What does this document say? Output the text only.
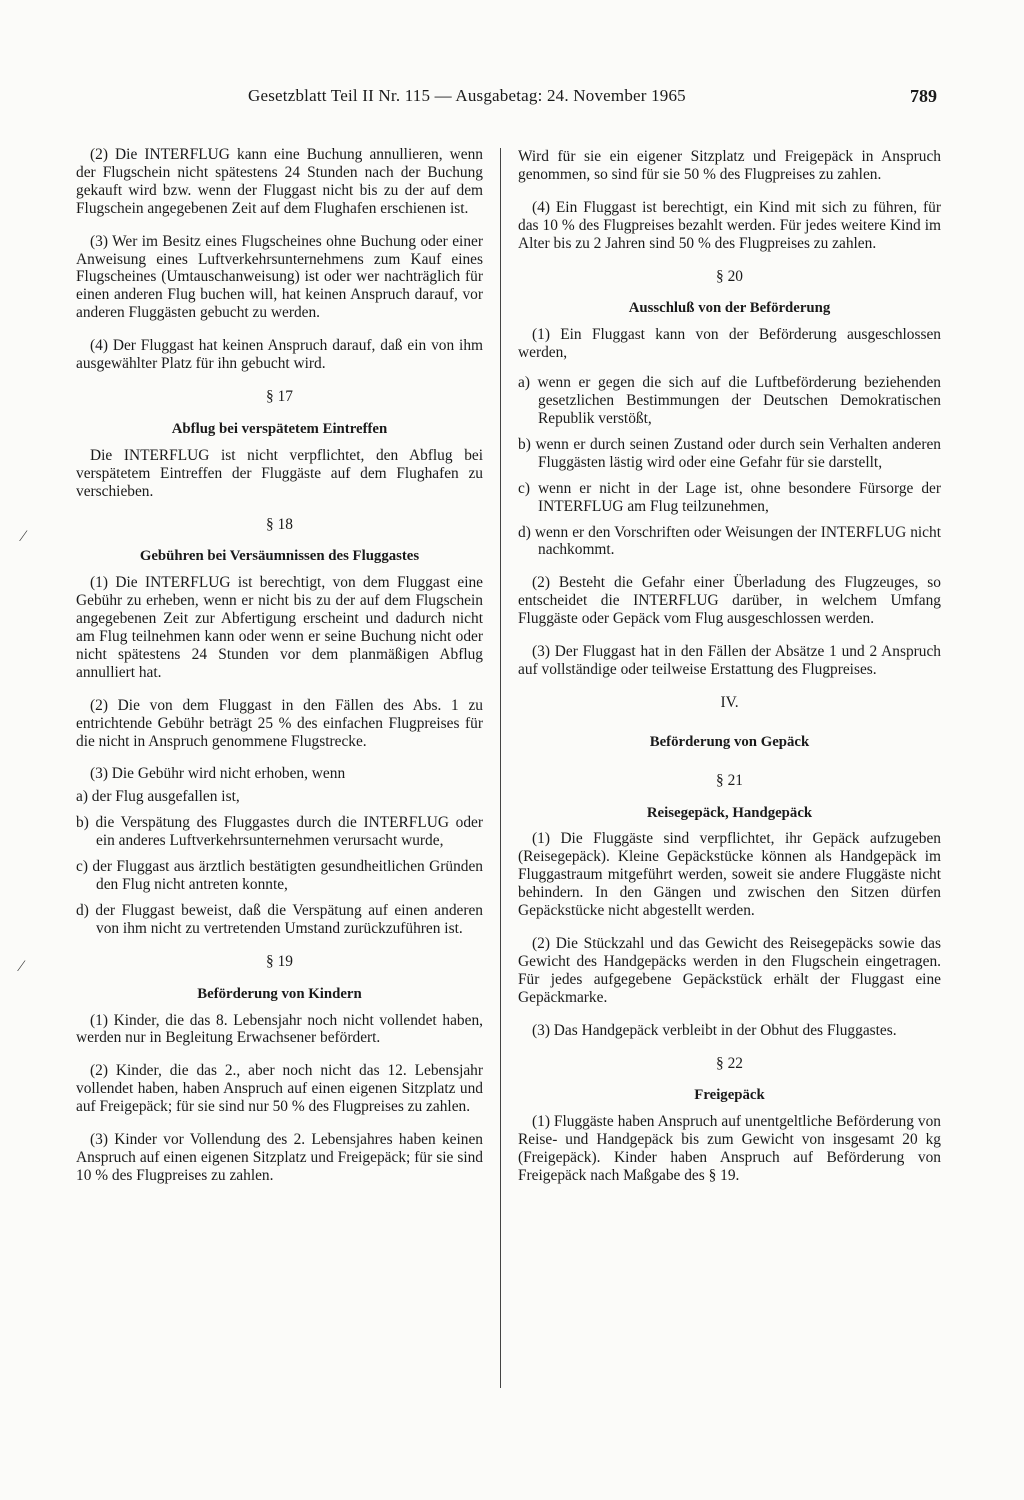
Gesetzblatt Teil II Nr. 115 — Ausgabetag: 24. November 1965	789
⁄
⁄

(2) Die INTERFLUG kann eine Buchung annullieren, wenn der Flugschein nicht spätestens 24 Stunden nach der Buchung gekauft wird bzw. wenn der Fluggast nicht bis zu der auf dem Flugschein angegebenen Zeit auf dem Flughafen erschienen ist.

(3) Wer im Besitz eines Flugscheines ohne Buchung oder einer Anweisung eines Luftverkehrsunternehmens zum Kauf eines Flugscheines (Umtauschanweisung) ist oder wer nachträglich für einen anderen Flug buchen will, hat keinen Anspruch darauf, vor anderen Fluggästen gebucht zu werden.

(4) Der Fluggast hat keinen Anspruch darauf, daß ein von ihm ausgewählter Platz für ihn gebucht wird.

§ 17

Abflug bei verspätetem Eintreffen

Die INTERFLUG ist nicht verpflichtet, den Abflug bei verspätetem Eintreffen der Fluggäste auf dem Flughafen zu verschieben.

§ 18

Gebühren bei Versäumnissen des Fluggastes

(1) Die INTERFLUG ist berechtigt, von dem Fluggast eine Gebühr zu erheben, wenn er nicht bis zu der auf dem Flugschein angegebenen Zeit zur Abfertigung erscheint und dadurch nicht am Flug teilnehmen kann oder wenn er seine Buchung nicht oder nicht spätestens 24 Stunden vor dem planmäßigen Abflug annulliert hat.

(2) Die von dem Fluggast in den Fällen des Abs. 1 zu entrichtende Gebühr beträgt 25 % des einfachen Flugpreises für die nicht in Anspruch genommene Flugstrecke.

(3) Die Gebühr wird nicht erhoben, wenn

a) der Flug ausgefallen ist,

b) die Verspätung des Fluggastes durch die INTERFLUG oder ein anderes Luftverkehrsunternehmen verursacht wurde,

c) der Fluggast aus ärztlich bestätigten gesundheitlichen Gründen den Flug nicht antreten konnte,

d) der Fluggast beweist, daß die Verspätung auf einen anderen von ihm nicht zu vertretenden Umstand zurückzuführen ist.

§ 19

Beförderung von Kindern

(1) Kinder, die das 8. Lebensjahr noch nicht vollendet haben, werden nur in Begleitung Erwachsener befördert.

(2) Kinder, die das 2., aber noch nicht das 12. Lebensjahr vollendet haben, haben Anspruch auf einen eigenen Sitzplatz und auf Freigepäck; für sie sind nur 50 % des Flugpreises zu zahlen.

(3) Kinder vor Vollendung des 2. Lebensjahres haben keinen Anspruch auf einen eigenen Sitzplatz und Freigepäck; für sie sind 10 % des Flugpreises zu zahlen.

Wird für sie ein eigener Sitzplatz und Freigepäck in Anspruch genommen, so sind für sie 50 % des Flugpreises zu zahlen.

(4) Ein Fluggast ist berechtigt, ein Kind mit sich zu führen, für das 10 % des Flugpreises bezahlt werden. Für jedes weitere Kind im Alter bis zu 2 Jahren sind 50 % des Flugpreises zu zahlen.

§ 20

Ausschluß von der Beförderung

(1) Ein Fluggast kann von der Beförderung ausgeschlossen werden,

a) wenn er gegen die sich auf die Luftbeförderung beziehenden gesetzlichen Bestimmungen der Deutschen Demokratischen Republik verstößt,

b) wenn er durch seinen Zustand oder durch sein Verhalten anderen Fluggästen lästig wird oder eine Gefahr für sie darstellt,

c) wenn er nicht in der Lage ist, ohne besondere Fürsorge der INTERFLUG am Flug teilzunehmen,

d) wenn er den Vorschriften oder Weisungen der INTERFLUG nicht nachkommt.

(2) Besteht die Gefahr einer Überladung des Flugzeuges, so entscheidet die INTERFLUG darüber, in welchem Umfang Fluggäste oder Gepäck vom Flug ausgeschlossen werden.

(3) Der Fluggast hat in den Fällen der Absätze 1 und 2 Anspruch auf vollständige oder teilweise Erstattung des Flugpreises.

IV.

Beförderung von Gepäck

§ 21

Reisegepäck, Handgepäck

(1) Die Fluggäste sind verpflichtet, ihr Gepäck aufzugeben (Reisegepäck). Kleine Gepäckstücke können als Handgepäck im Fluggastraum mitgeführt werden, soweit sie andere Fluggäste nicht behindern. In den Gängen und zwischen den Sitzen dürfen Gepäckstücke nicht abgestellt werden.

(2) Die Stückzahl und das Gewicht des Reisegepäcks sowie das Gewicht des Handgepäcks werden in den Flugschein eingetragen. Für jedes aufgegebene Gepäckstück erhält der Fluggast eine Gepäckmarke.

(3) Das Handgepäck verbleibt in der Obhut des Fluggastes.

§ 22

Freigepäck

(1) Fluggäste haben Anspruch auf unentgeltliche Beförderung von Reise- und Handgepäck bis zum Gewicht von insgesamt 20 kg (Freigepäck). Kinder haben Anspruch auf Beförderung von Freigepäck nach Maßgabe des § 19.
